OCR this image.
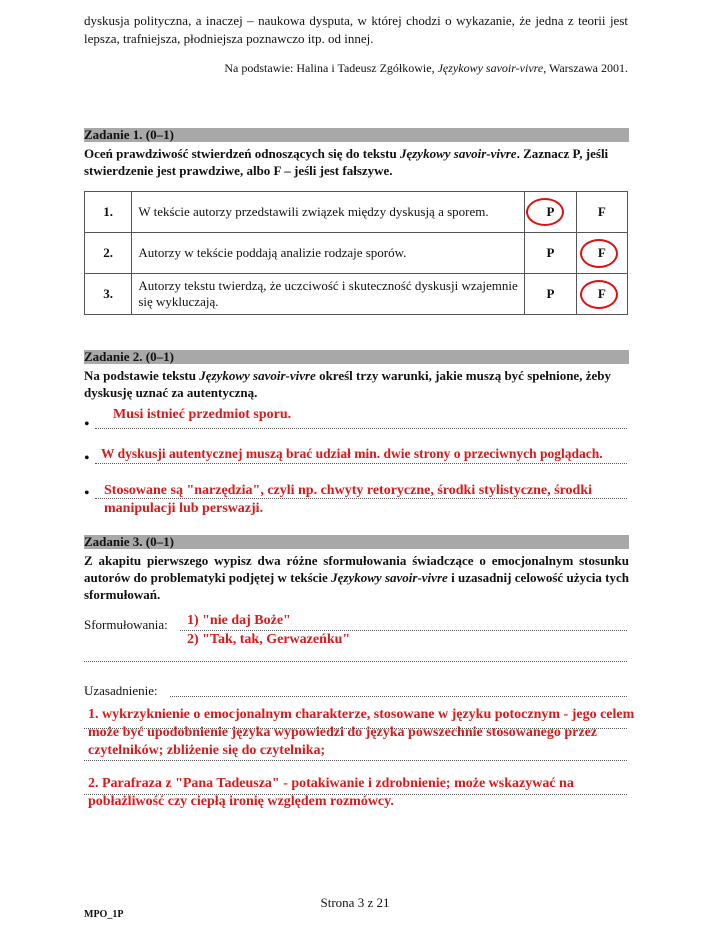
dyskusja polityczna, a inaczej – naukowa dysputa, w której chodzi o wykazanie, że jedna z teorii jest lepsza, trafniejsza, płodniejsza poznawczo itp. od innej.
Na podstawie: Halina i Tadeusz Zgółkowie, Językowy savoir-vivre, Warszawa 2001.
Zadanie 1. (0–1)
Oceń prawdziwość stwierdzeń odnoszących się do tekstu Językowy savoir-vivre. Zaznacz P, jeśli stwierdzenie jest prawdziwe, albo F – jeśli jest fałszywe.
1.	W tekście autorzy przedstawili związek między dyskusją a sporem.	P	F
2.	Autorzy w tekście poddają analizie rodzaje sporów.	P	F

3.	Autorzy tekstu twierdzą, że uczciwość i skuteczność dyskusji wzajemnie się wykluczają.	P	F
Zadanie 2. (0–1)
Na podstawie tekstu Językowy savoir-vivre określ trzy warunki, jakie muszą być spełnione, żeby dyskusję uznać za autentyczną.
•
Musi istnieć przedmiot sporu.
• W dyskusji autentycznej muszą brać udział min. dwie strony o przeciwnych poglądach.
• Stosowane są "narzędzia", czyli np. chwyty retoryczne, środki stylistyczne, środki manipulacji lub perswazji.
Zadanie 3. (0–1)
Z akapitu pierwszego wypisz dwa różne sformułowania świadczące o emocjonalnym stosunku autorów do problematyki podjętej w tekście Językowy savoir-vivre i uzasadnij celowość użycia tych sformułowań.
Sformułowania: 1) "nie daj Boże"
2) "Tak, tak, Gerwazeńku"
Uzasadnienie:
1. wykrzyknienie o emocjonalnym charakterze, stosowane w języku potocznym - jego celem może być upodobnienie języka wypowiedzi do języka powszechnie stosowanego przez czytelników; zbliżenie się do czytelnika;
2. Parafraza z "Pana Tadeusza" - potakiwanie i zdrobnienie; może wskazywać na pobłażliwość czy ciepłą ironię względem rozmówcy.
Strona 3 z 21
MPO_1P
